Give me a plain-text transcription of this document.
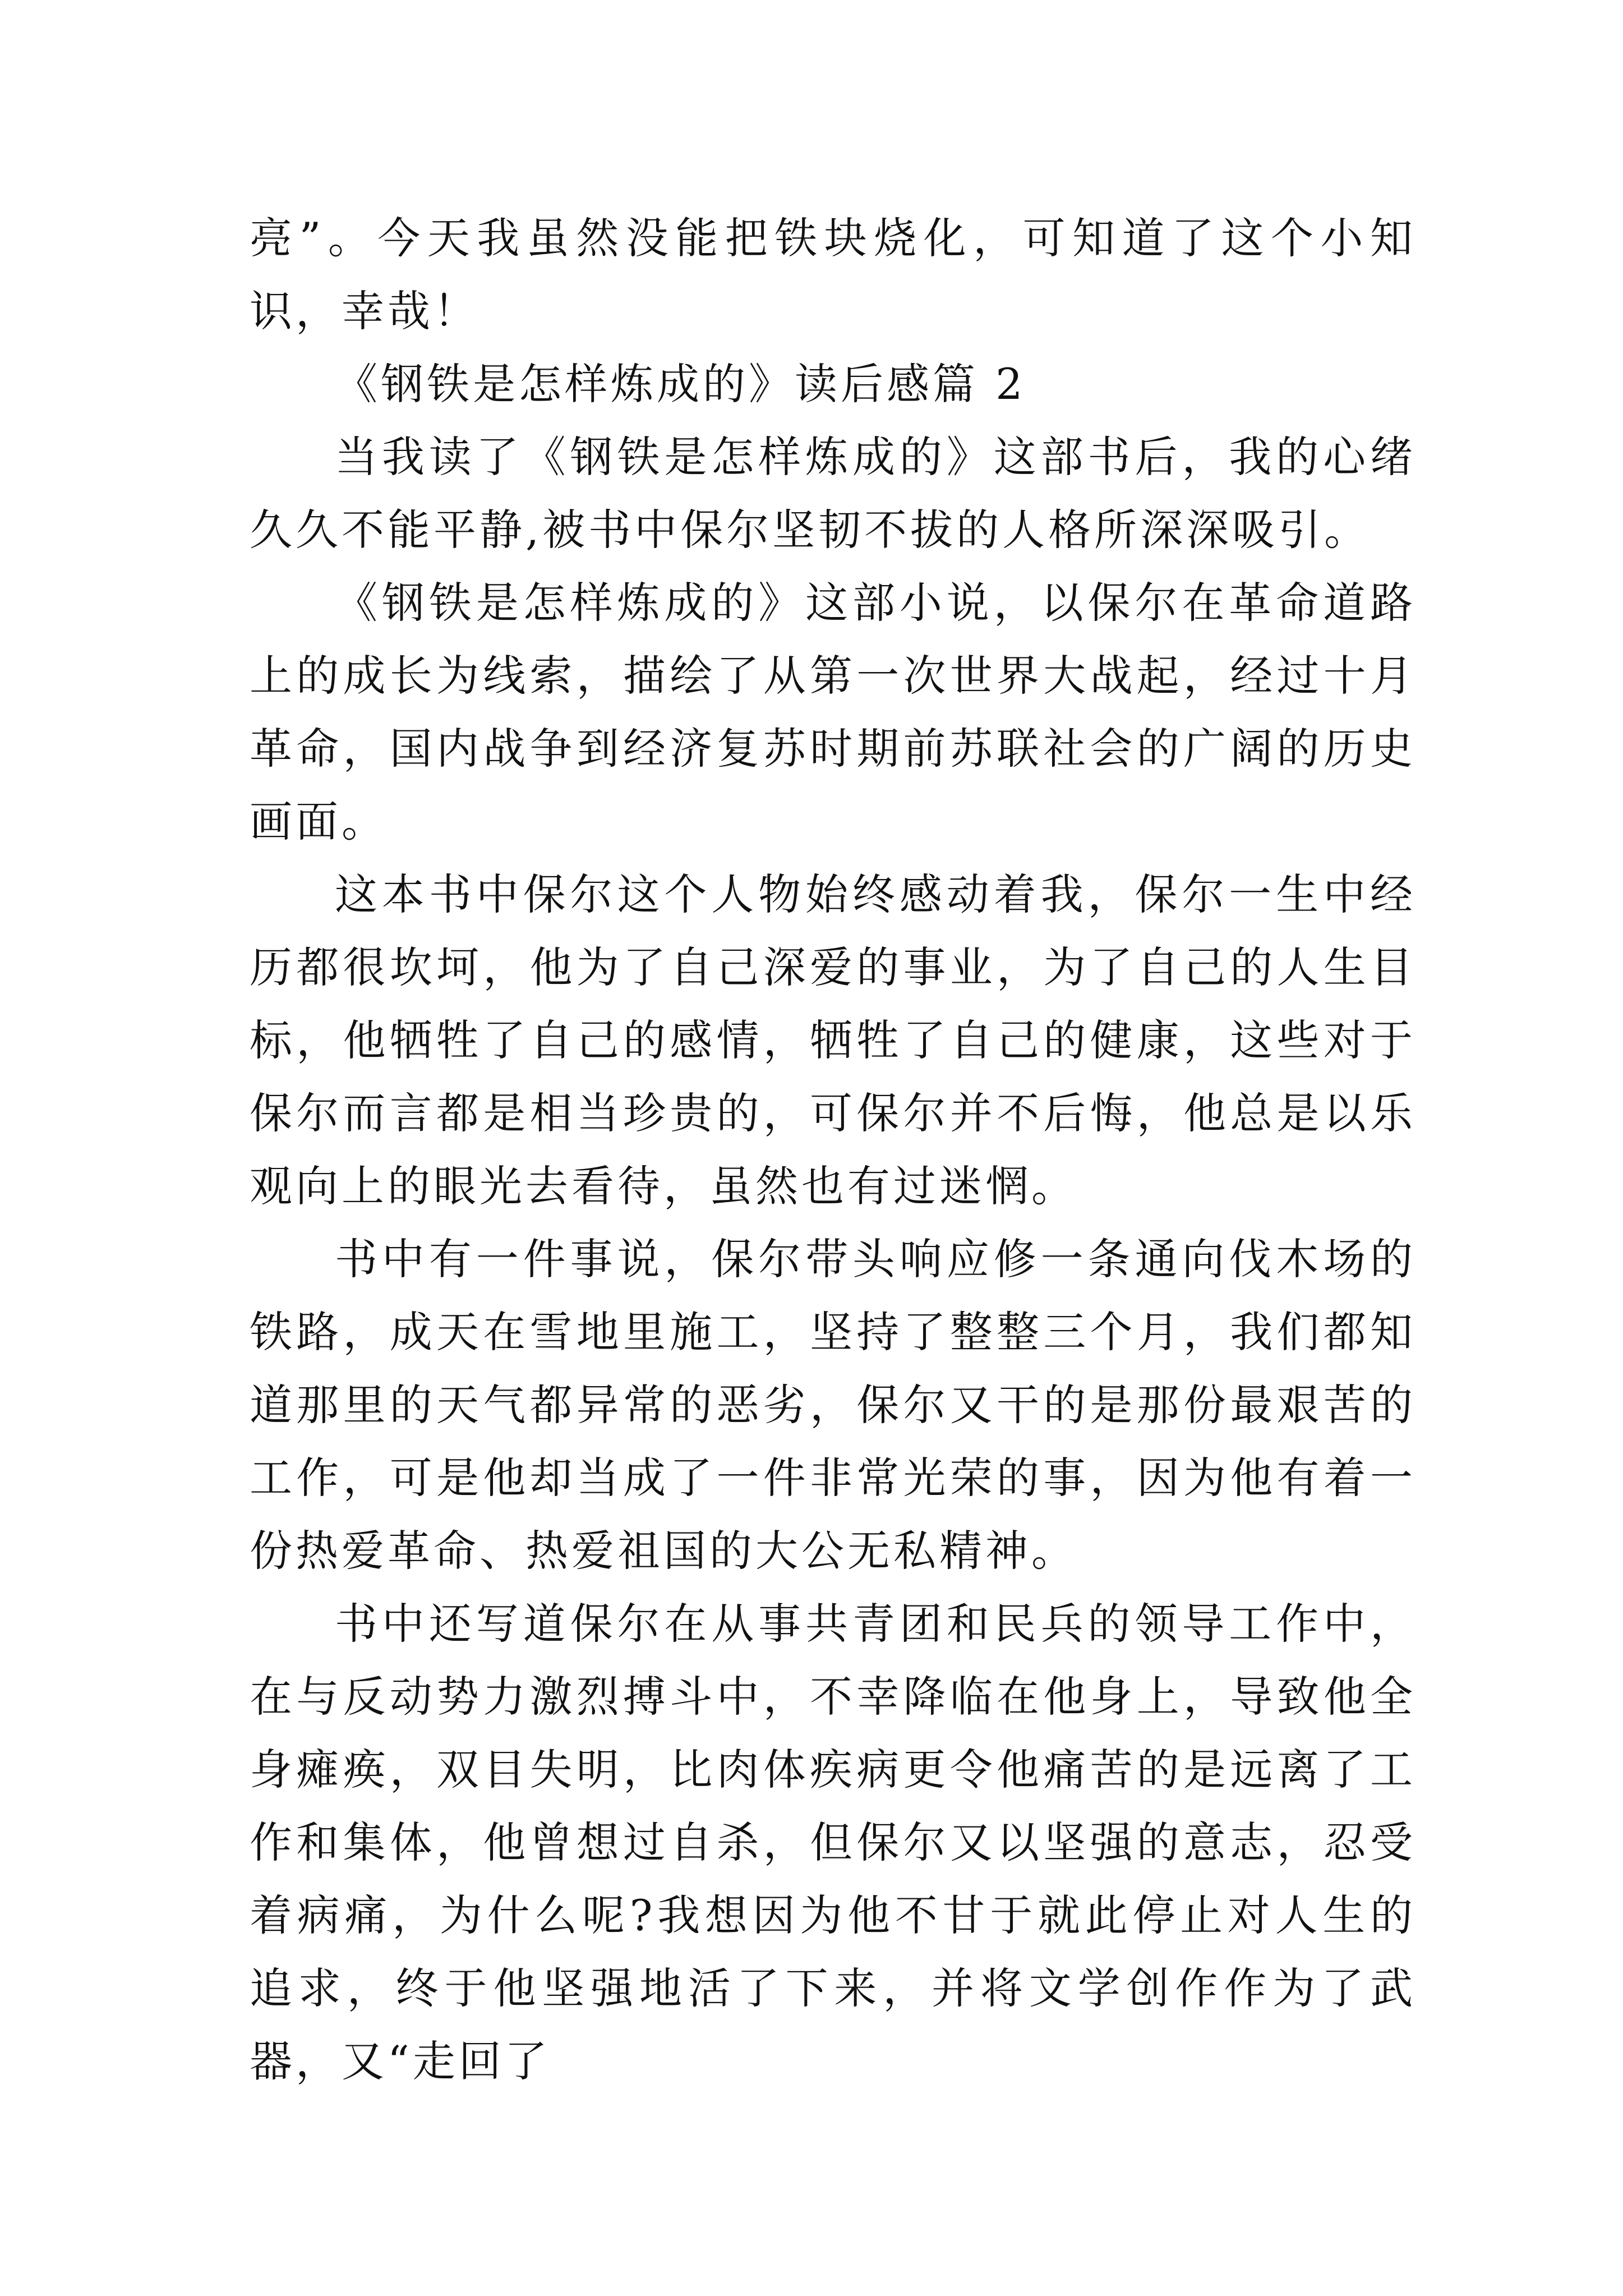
亮”。今天我虽然没能把铁块烧化，可知道了这个小知识，幸哉！

《钢铁是怎样炼成的》读后感篇 2

当我读了《钢铁是怎样炼成的》这部书后，我的心绪久久不能平静,被书中保尔坚韧不拔的人格所深深吸引。

《钢铁是怎样炼成的》这部小说，以保尔在革命道路上的成长为线索，描绘了从第一次世界大战起，经过十月革命，国内战争到经济复苏时期前苏联社会的广阔的历史画面。

这本书中保尔这个人物始终感动着我，保尔一生中经历都很坎坷，他为了自己深爱的事业，为了自己的人生目标，他牺牲了自己的感情，牺牲了自己的健康，这些对于保尔而言都是相当珍贵的，可保尔并不后悔，他总是以乐观向上的眼光去看待，虽然也有过迷惘。

书中有一件事说，保尔带头响应修一条通向伐木场的铁路，成天在雪地里施工，坚持了整整三个月，我们都知道那里的天气都异常的恶劣，保尔又干的是那份最艰苦的工作，可是他却当成了一件非常光荣的事，因为他有着一份热爱革命、热爱祖国的大公无私精神。

书中还写道保尔在从事共青团和民兵的领导工作中，在与反动势力激烈搏斗中，不幸降临在他身上，导致他全身瘫痪，双目失明，比肉体疾病更令他痛苦的是远离了工作和集体，他曾想过自杀，但保尔又以坚强的意志，忍受着病痛，为什么呢?我想因为他不甘于就此停止对人生的追求，终于他坚强地活了下来，并将文学创作作为了武器，又“走回了
